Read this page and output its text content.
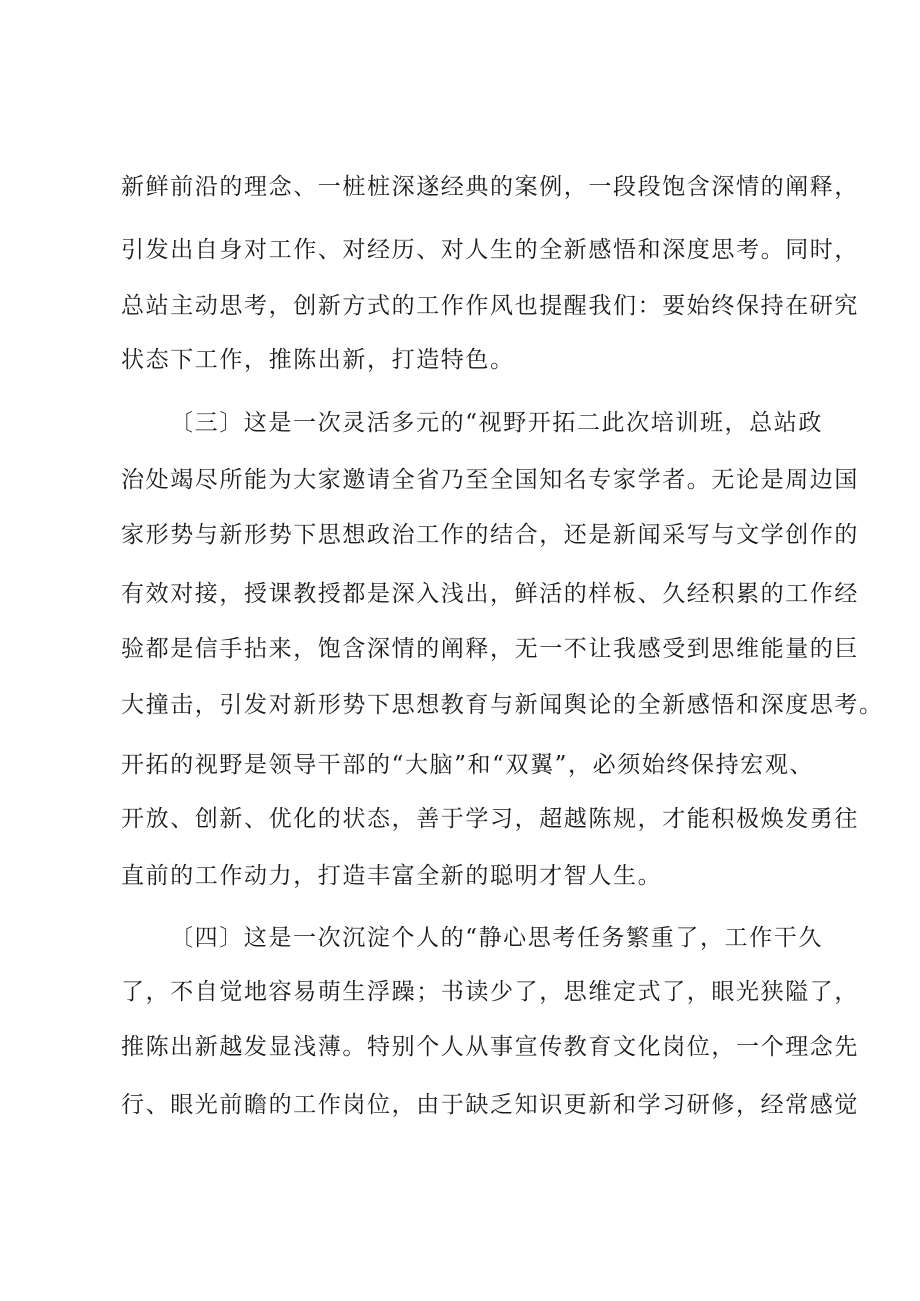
新鲜前沿的理念、一桩桩深遂经典的案例，一段段饱含深情的阐释，
引发出自身对工作、对经历、对人生的全新感悟和深度思考。同时，
总站主动思考，创新方式的工作作风也提醒我们：要始终保持在研究
状态下工作，推陈出新，打造特色。
〔三〕这是一次灵活多元的“视野开拓二此次培训班，总站政
治处竭尽所能为大家邀请全省乃至全国知名专家学者。无论是周边国
家形势与新形势下思想政治工作的结合，还是新闻采写与文学创作的
有效对接，授课教授都是深入浅出，鲜活的样板、久经积累的工作经
验都是信手拈来，饱含深情的阐释，无一不让我感受到思维能量的巨
大撞击，引发对新形势下思想教育与新闻舆论的全新感悟和深度思考。
开拓的视野是领导干部的“大脑”和“双翼”，必须始终保持宏观、
开放、创新、优化的状态，善于学习，超越陈规，才能积极焕发勇往
直前的工作动力，打造丰富全新的聪明才智人生。
〔四〕这是一次沉淀个人的“静心思考任务繁重了，工作干久
了，不自觉地容易萌生浮躁；书读少了，思维定式了，眼光狭隘了，
推陈出新越发显浅薄。特别个人从事宣传教育文化岗位，一个理念先
行、眼光前瞻的工作岗位，由于缺乏知识更新和学习研修，经常感觉
